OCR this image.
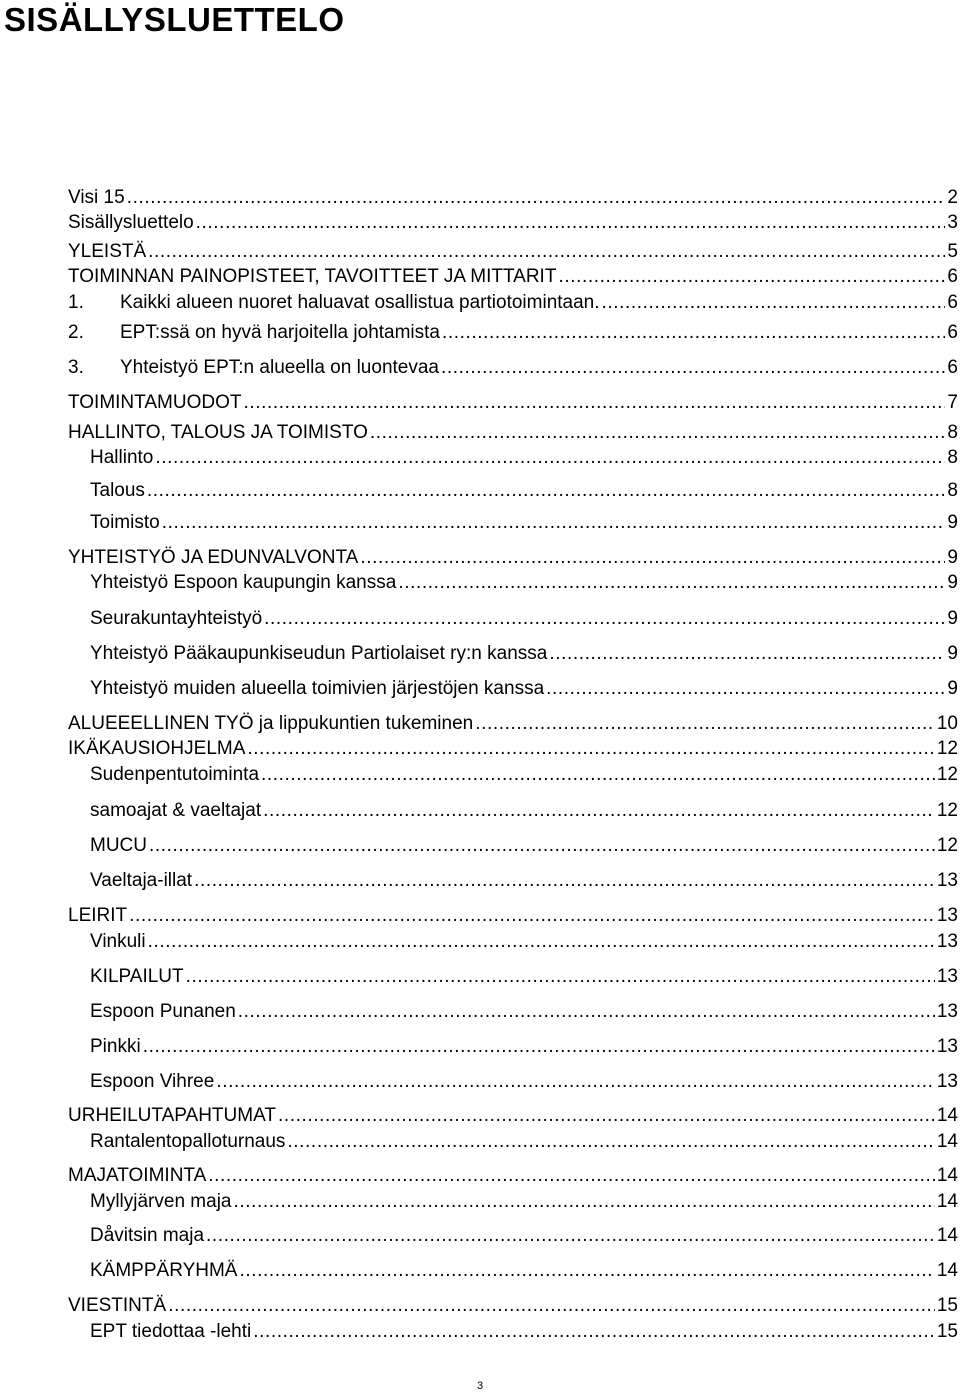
SISÄLLYSLUETTELO
Visi 15 .....	2
Sisällysluettelo .....	3
YLEISTÄ .....	5
TOIMINNAN PAINOPISTEET, TAVOITTEET JA MITTARIT .....	6
1.	Kaikki alueen nuoret haluavat osallistua partiotoimintaan. .....	6
2.	EPT:ssä on hyvä harjoitella johtamista .....	6
3.	Yhteistyö EPT:n alueella on luontevaa .....	6
TOIMINTAMUODOT .....	7
HALLINTO, TALOUS JA TOIMISTO .....	8
Hallinto .....	8
Talous .....	8
Toimisto .....	9
YHTEISTYÖ JA EDUNVALVONTA .....	9
Yhteistyö Espoon kaupungin kanssa .....	9
Seurakuntayhteistyö .....	9
Yhteistyö Pääkaupunkiseudun Partiolaiset ry:n kanssa .....	9
Yhteistyö muiden alueella toimivien järjestöjen kanssa .....	9
ALUEEELLINEN TYÖ ja lippukuntien tukeminen .....	10
IKÄKAUSIOHJELMA .....	12
Sudenpentutoiminta .....	12
samoajat & vaeltajat .....	12
MUCU .....	12
Vaeltaja-illat .....	13
LEIRIT .....	13
Vinkuli .....	13
KILPAILUT .....	13
Espoon Punanen .....	13
Pinkki .....	13
Espoon Vihree .....	13
URHEILUTAPAHTUMAT .....	14
Rantalentopalloturnaus .....	14
MAJATOIMINTA .....	14
Myllyjärven maja .....	14
Dåvitsin maja .....	14
KÄMPPÄRYHMÄ .....	14
VIESTINTÄ .....	15
EPT tiedottaa -lehti .....	15
3
